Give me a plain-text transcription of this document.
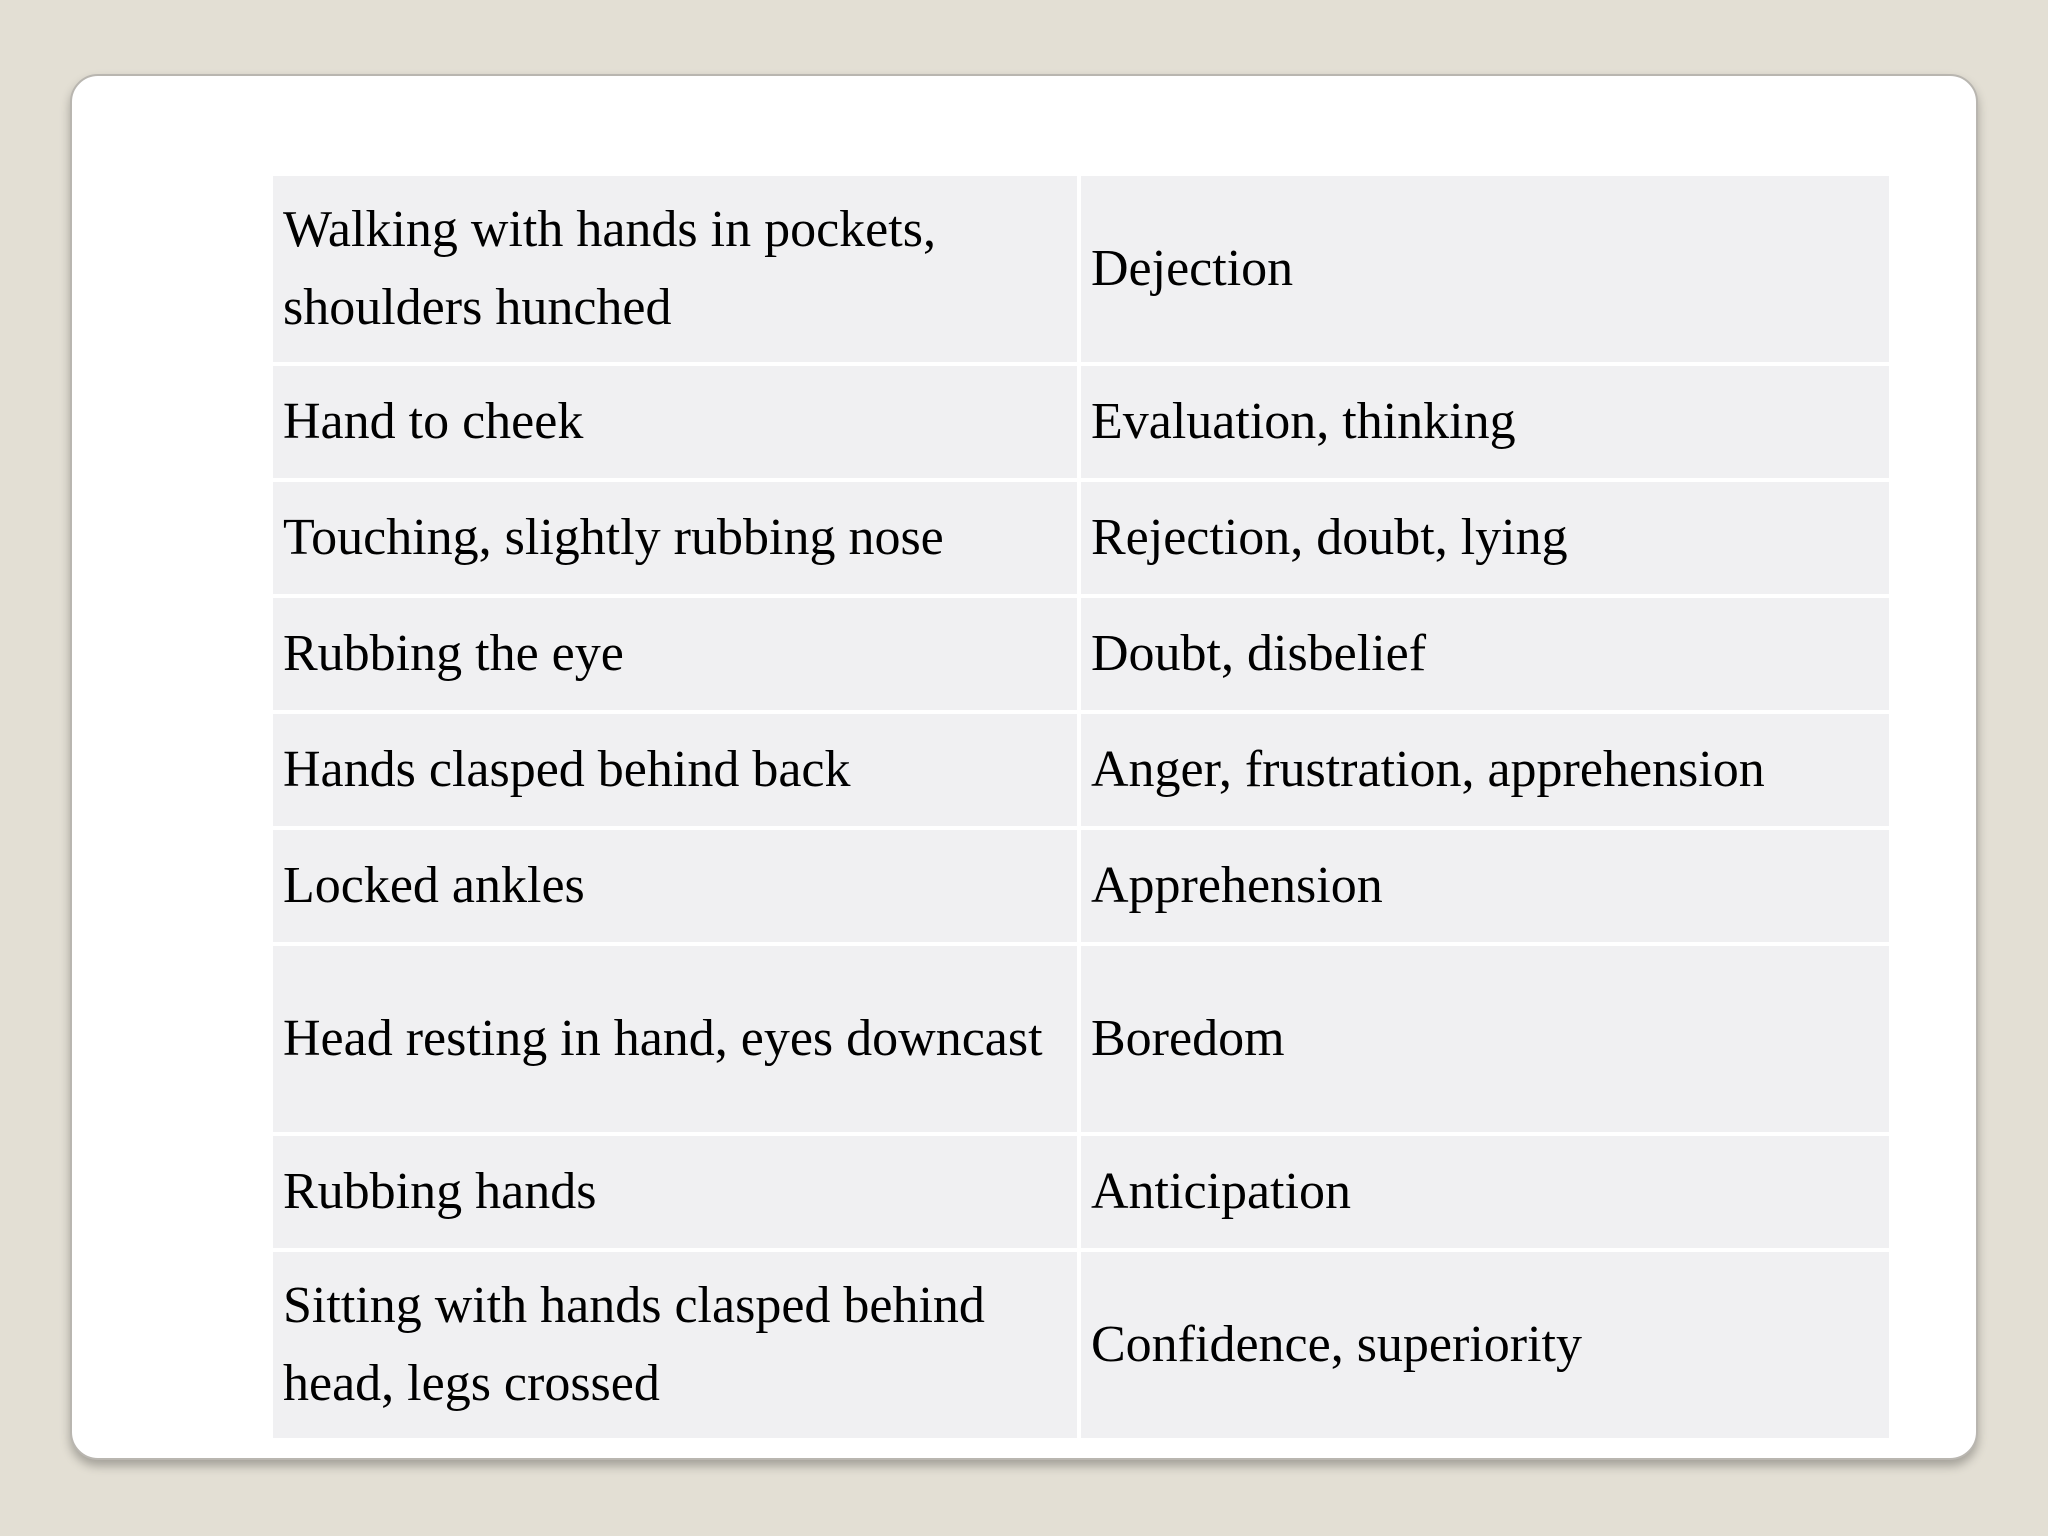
Walking with hands in pockets, shoulders hunched	Dejection
Hand to cheek	Evaluation, thinking
Touching, slightly rubbing nose	Rejection, doubt, lying
Rubbing the eye	Doubt, disbelief
Hands clasped behind back	Anger, frustration, apprehension
Locked ankles	Apprehension
Head resting in hand, eyes downcast	Boredom
Rubbing hands	Anticipation
Sitting with hands clasped behind head, legs crossed	Confidence, superiority
